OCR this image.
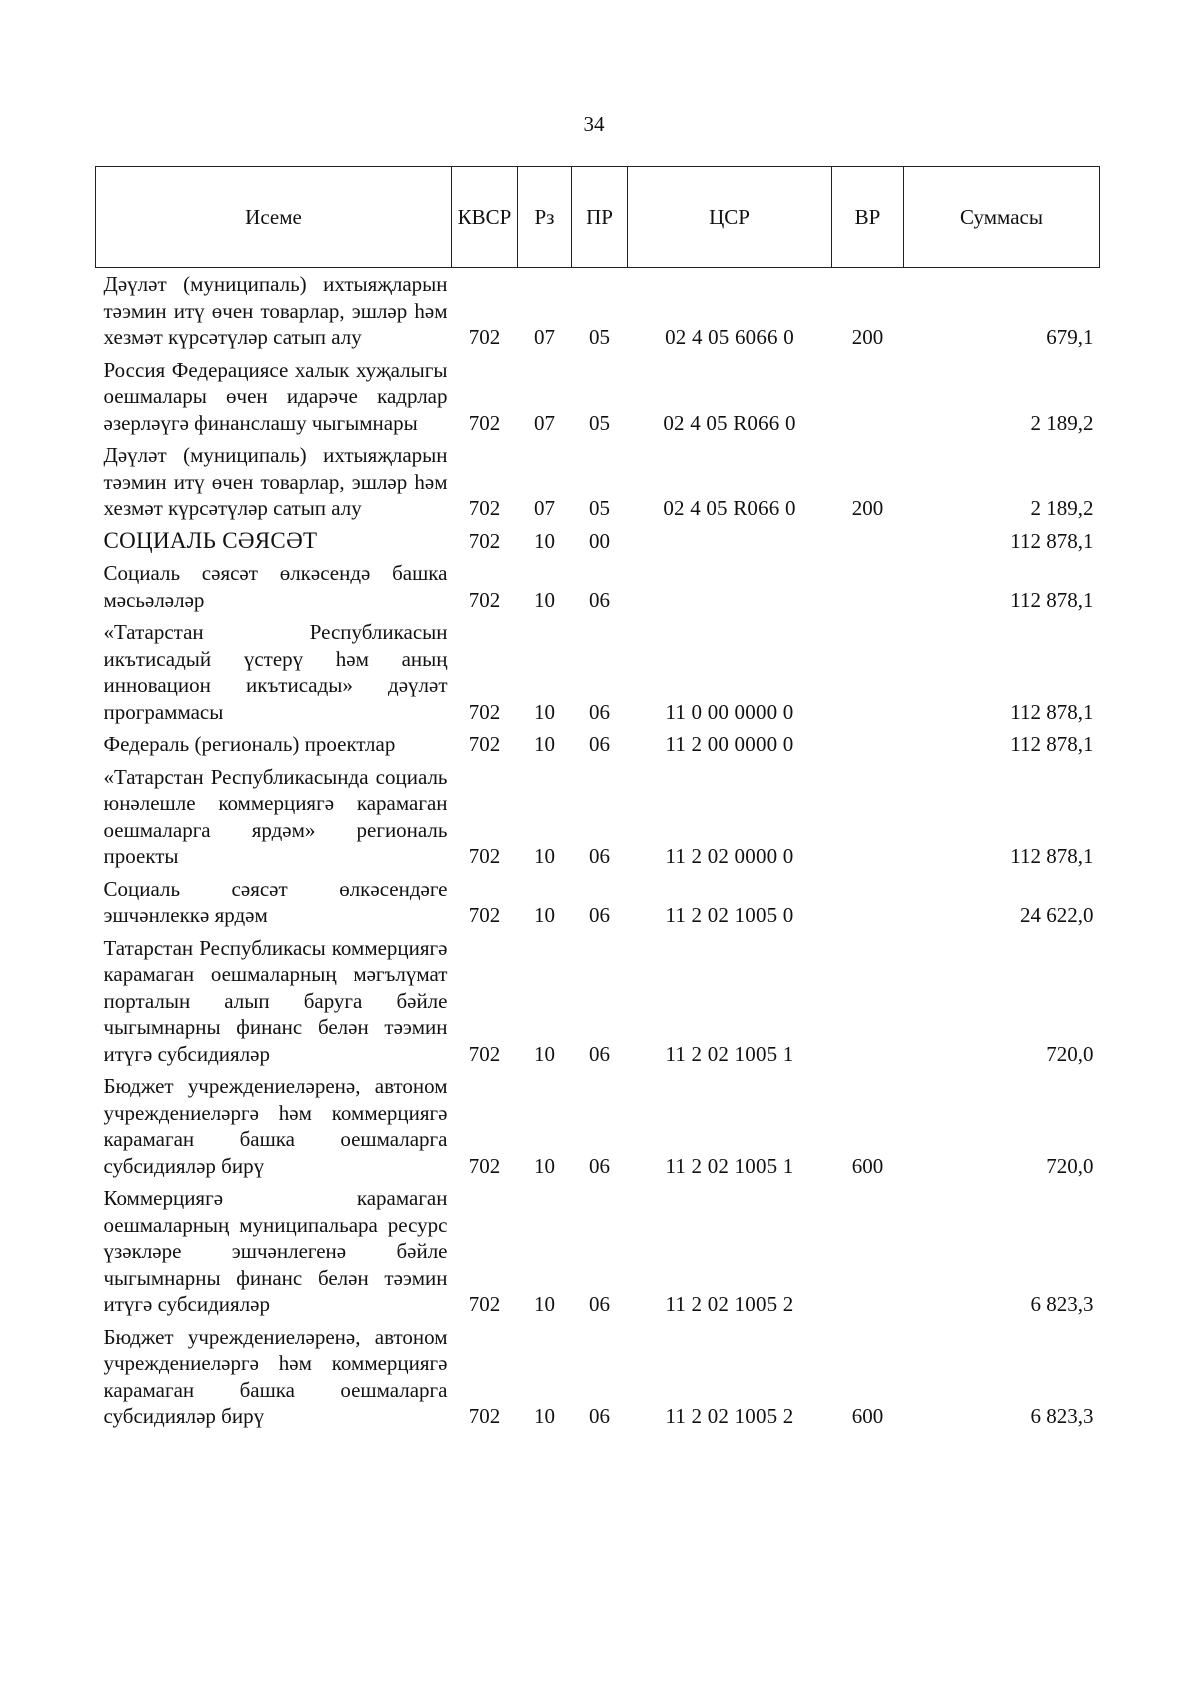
34
Исеме	КВСР	Рз	ПР	ЦСР	ВР	Суммасы
Дәүләт (муниципаль) ихтыяҗларын тәэмин итү өчен товарлар, эшләр һәм хезмәт күрсәтүләр сатып алу	702	07	05	02 4 05 6066 0	200	679,1
Россия Федерациясе халык хуҗалыгы оешмалары өчен идарәче кадрлар әзерләүгә финанслашу чыгымнары	702	07	05	02 4 05 R066 0		2 189,2
Дәүләт (муниципаль) ихтыяҗларын тәэмин итү өчен товарлар, эшләр һәм хезмәт күрсәтүләр сатып алу	702	07	05	02 4 05 R066 0	200	2 189,2
СОЦИАЛЬ СӘЯСӘТ	702	10	00			112 878,1
Социаль сәясәт өлкәсендә башка мәсьәләләр	702	10	06			112 878,1
«Татарстан Республикасын икътисадый үстерү һәм аның инновацион икътисады» дәүләт программасы	702	10	06	11 0 00 0000 0		112 878,1
Федераль (региональ) проектлар	702	10	06	11 2 00 0000 0		112 878,1
«Татарстан Республикасында социаль юнәлешле коммерциягә карамаган оешмаларга ярдәм» региональ проекты	702	10	06	11 2 02 0000 0		112 878,1
Социаль сәясәт өлкәсендәге эшчәнлеккә ярдәм	702	10	06	11 2 02 1005 0		24 622,0
Татарстан Республикасы коммерциягә карамаган оешмаларның мәгълүмат порталын алып баруга бәйле чыгымнарны финанс белән тәэмин итүгә субсидияләр	702	10	06	11 2 02 1005 1		720,0
Бюджет учреждениеләренә, автоном учреждениеләргә һәм коммерциягә карамаган башка оешмаларга субсидияләр бирү	702	10	06	11 2 02 1005 1	600	720,0
Коммерциягә карамаган оешмаларның муниципальара ресурс үзәкләре эшчәнлегенә бәйле чыгымнарны финанс белән тәэмин итүгә субсидияләр	702	10	06	11 2 02 1005 2		6 823,3
Бюджет учреждениеләренә, автоном учреждениеләргә һәм коммерциягә карамаган башка оешмаларга субсидияләр бирү	702	10	06	11 2 02 1005 2	600	6 823,3
